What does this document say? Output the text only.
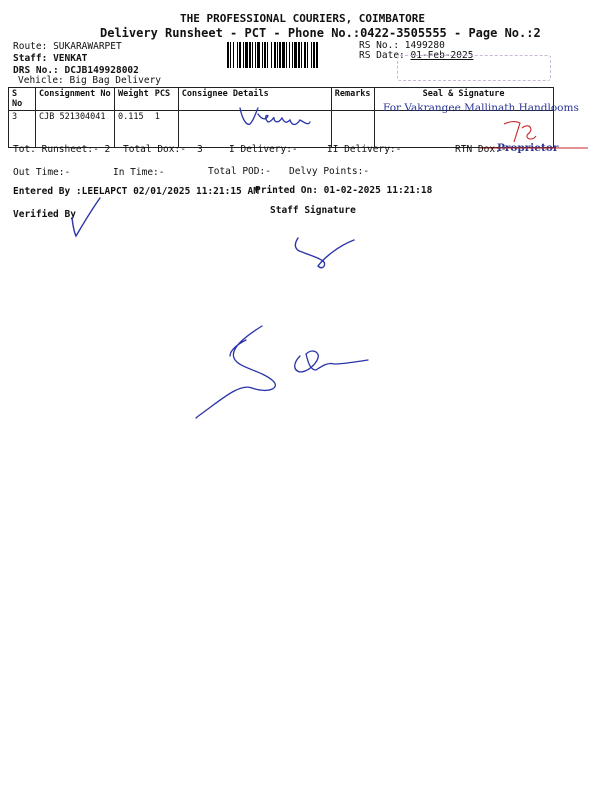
THE PROFESSIONAL COURIERS, COIMBATORE
Delivery Runsheet - PCT - Phone No.:0422-3505555 - Page No.:2
Route: SUKARAWARPET
Staff: VENKAT
DRS No.: DCJB149928002
Vehicle: Big Bag Delivery
RS No.: 1499280
RS Date: 01-Feb-2025
S No	Consignment No	Weight	PCS	Consignee Details	Remarks	Seal & Signature
3	CJB 521304041	0.115	1			
For Vakrangee Mallinath Handlooms
Proprietor
Tot. Runsheet:- 2 Total Dox:- 3	I Delivery:-	II Delivery:-	RTN Dox:-
Out Time:-	In Time:-	Total POD:- Delvy Points:-
Entered By :LEELAPCT 02/01/2025 11:21:15 AM
Printed On: 01-02-2025 11:21:18
Verified By	Staff Signature
